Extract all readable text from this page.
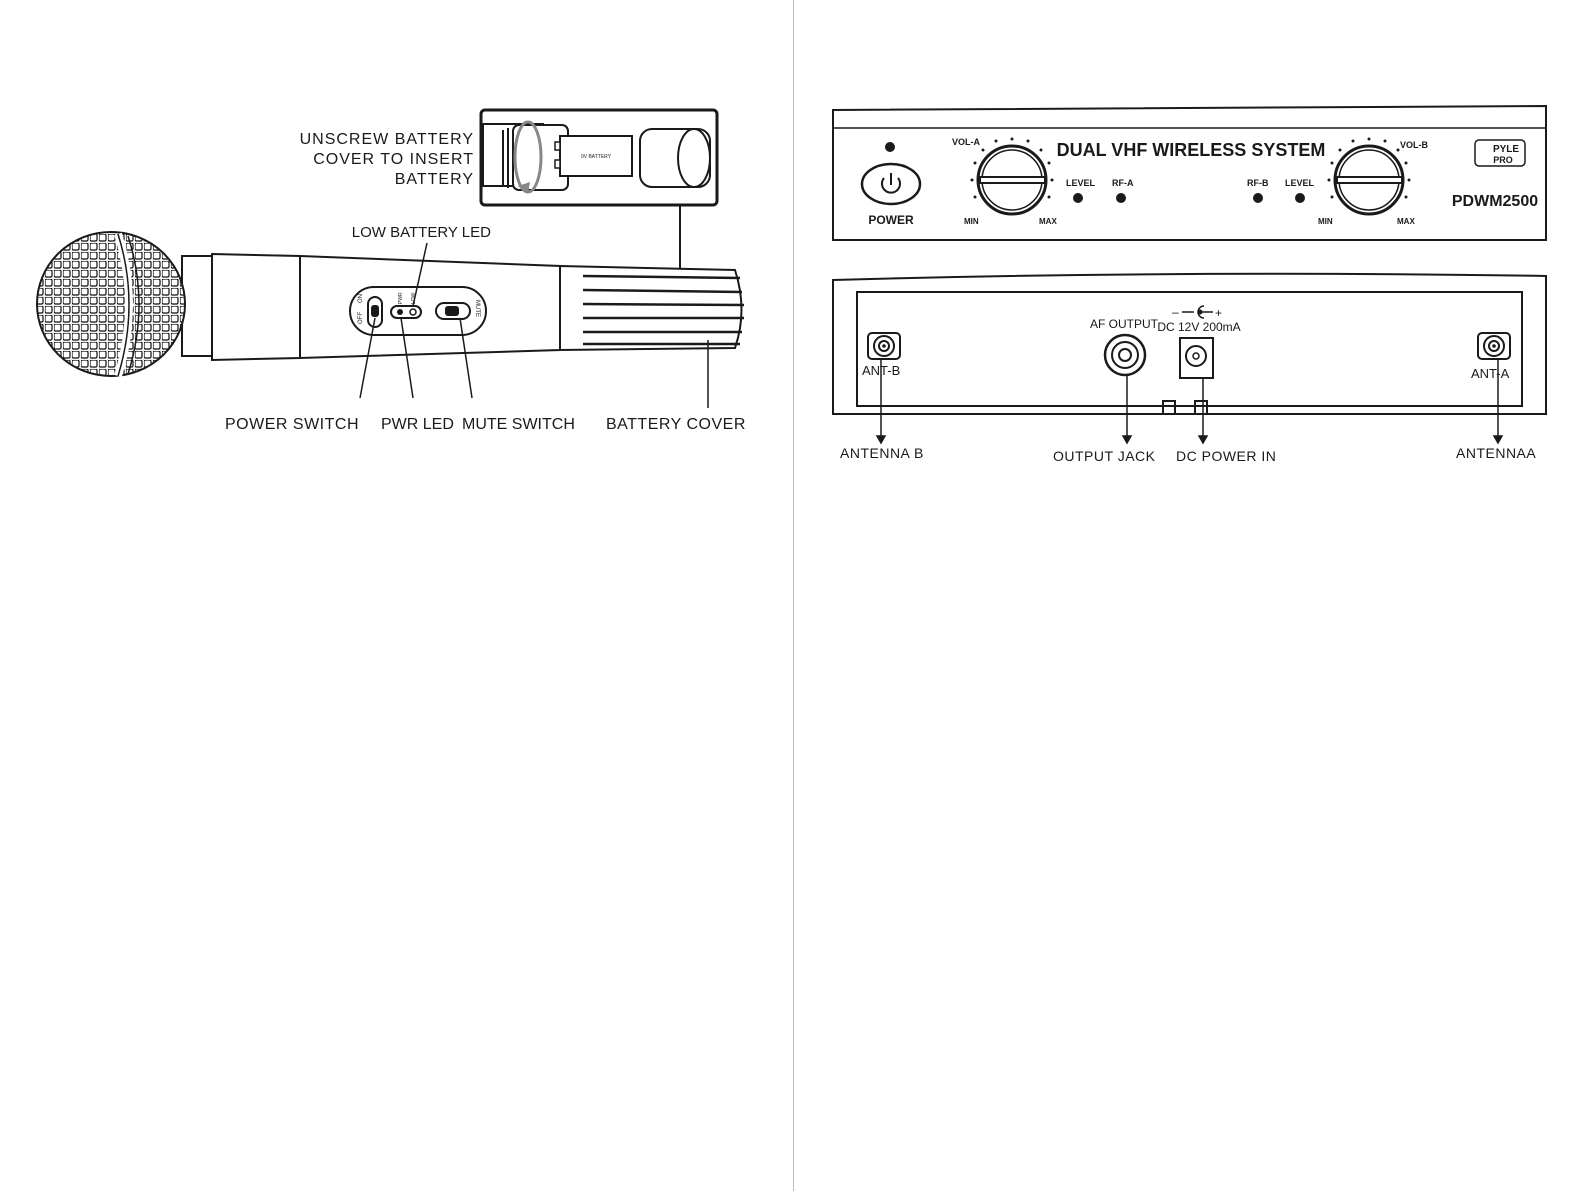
9V BATTERY
UNSCREW BATTERY
COVER TO INSERT
BATTERY
OFF
ON	PWR LOW
MUTE
LOW BATTERY LED
POWER SWITCH PWR LED MUTE SWITCH BATTERY COVER
POWER
VOL-A
MIN	MAX
LEVEL RF-A
DUAL VHF WIRELESS SYSTEM
RF-B LEVEL
VOL-B
MIN	MAX
PYLE
PRO
PDWM2500
ANT-B
AF OUTPUT
–	+
DC 12V 200mA
ANT-A
ANTENNA B	OUTPUT JACK DC POWER IN	ANTENNAA
